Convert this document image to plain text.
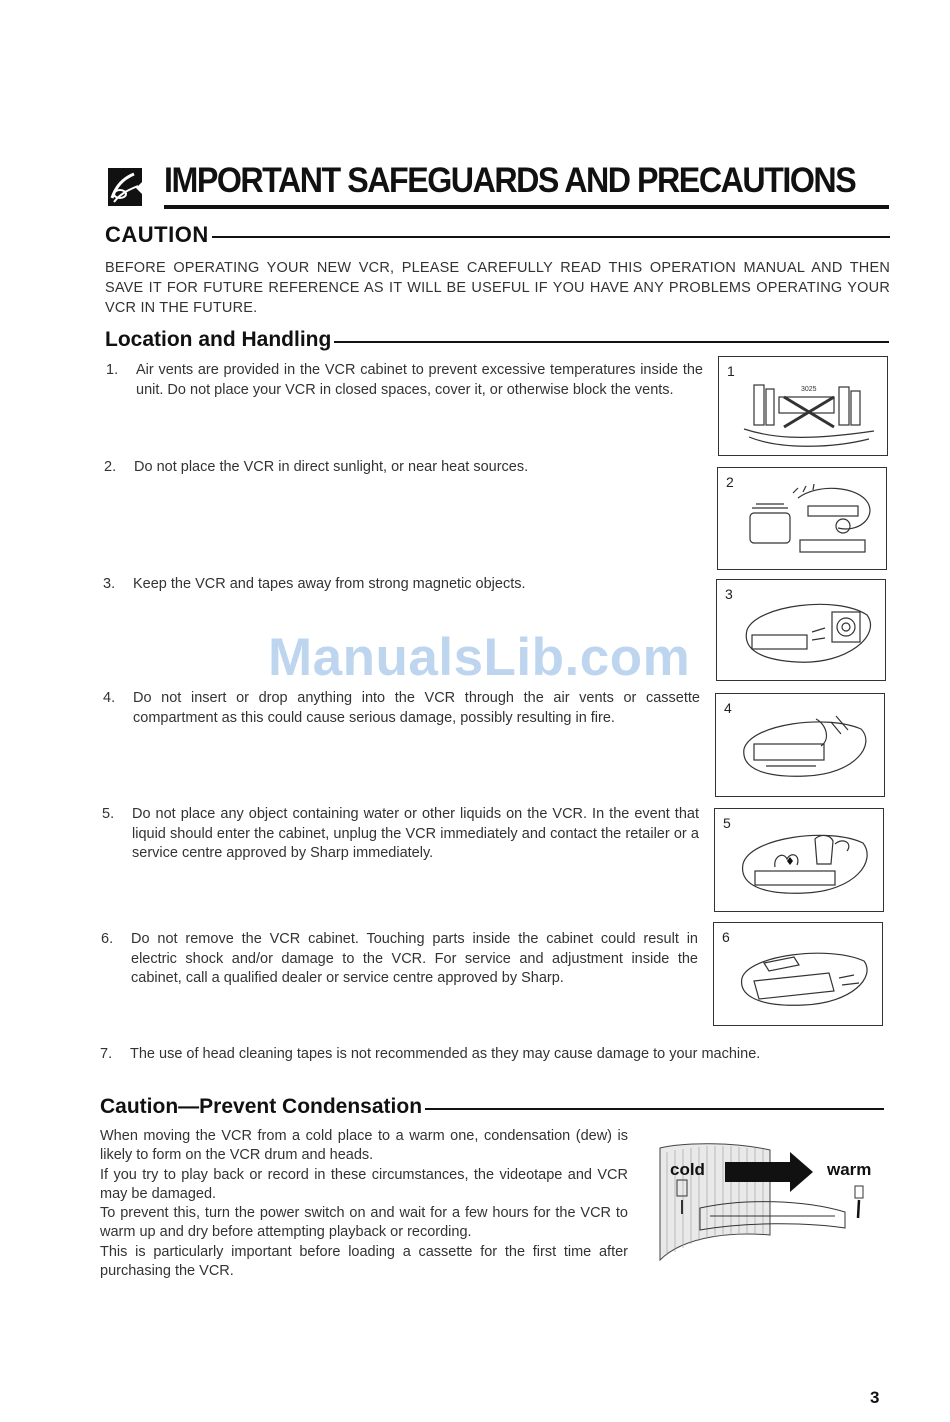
IMPORTANT SAFEGUARDS AND PRECAUTIONS
CAUTION
BEFORE OPERATING YOUR NEW VCR, PLEASE CAREFULLY READ THIS OPERATION MANUAL AND THEN SAVE IT FOR FUTURE REFERENCE AS IT WILL BE USEFUL IF YOU HAVE ANY PROBLEMS OPERATING YOUR VCR IN THE FUTURE.
Location and Handling
1. Air vents are provided in the VCR cabinet to prevent excessive temperatures inside the unit. Do not place your VCR in closed spaces, cover it, or otherwise block the vents.
2. Do not place the VCR in direct sunlight, or near heat sources.
3. Keep the VCR and tapes away from strong magnetic objects.
4. Do not insert or drop anything into the VCR through the air vents or cassette compartment as this could cause serious damage, possibly resulting in fire.
5. Do not place any object containing water or other liquids on the VCR. In the event that liquid should enter the cabinet, unplug the VCR immediately and contact the retailer or a service centre approved by Sharp immediately.
6. Do not remove the VCR cabinet. Touching parts inside the cabinet could result in electric shock and/or damage to the VCR. For service and adjustment inside the cabinet, call a qualified dealer or service centre approved by Sharp.
7. The use of head cleaning tapes is not recommended as they may cause damage to your machine.
1
3025
2
3
4
5
6
ManualsLib.com
Caution—Prevent Condensation

When moving the VCR from a cold place to a warm one, condensation (dew) is likely to form on the VCR drum and heads.

If you try to play back or record in these circumstances, the videotape and VCR may be damaged.

To prevent this, turn the power switch on and wait for a few hours for the VCR to warm up and dry before attempting playback or recording.

This is particularly important before loading a cassette for the first time after purchasing the VCR.

cold	warm
3
